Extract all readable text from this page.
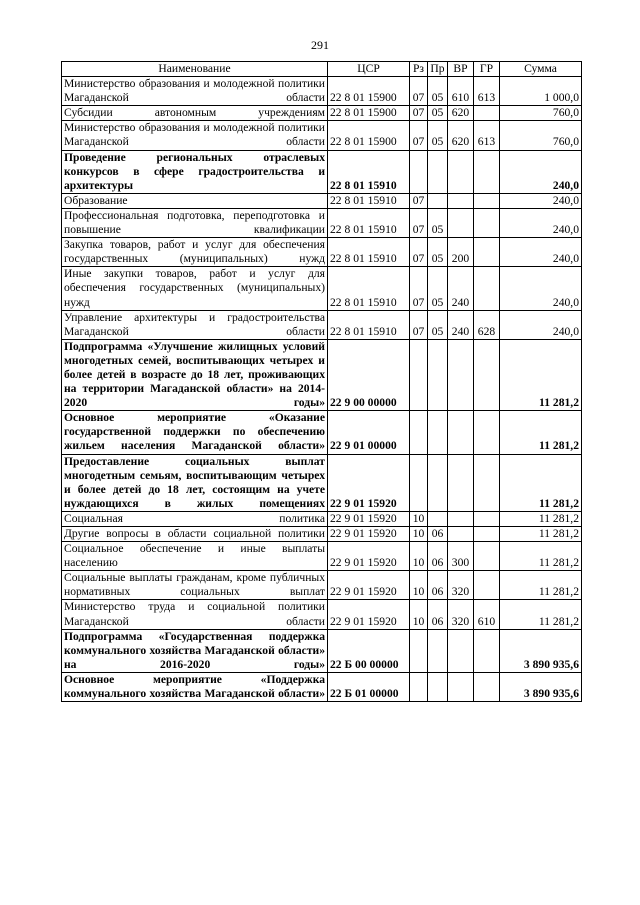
291
Наименование	ЦСР	Рз	Пр	ВР	ГР	Сумма
Министерство образования и молодежной политики Магаданской области	22 8 01 15900	07	05	610	613	1 000,0
Субсидии автономным учреждениям	22 8 01 15900	07	05	620		760,0
Министерство образования и молодежной политики Магаданской области	22 8 01 15900	07	05	620	613	760,0
Проведение региональных отраслевых конкурсов в сфере градостроительства и архитектуры	22 8 01 15910					240,0
Образование	22 8 01 15910	07				240,0
Профессиональная подготовка, переподготовка и повышение квалификации	22 8 01 15910	07	05			240,0
Закупка товаров, работ и услуг для обеспечения государственных (муниципальных) нужд	22 8 01 15910	07	05	200		240,0
Иные закупки товаров, работ и услуг для обеспечения государственных (муниципальных) нужд	22 8 01 15910	07	05	240		240,0
Управление архитектуры и градостроительства Магаданской области	22 8 01 15910	07	05	240	628	240,0
Подпрограмма «Улучшение жилищных условий многодетных семей, воспитывающих четырех и более детей в возрасте до 18 лет, проживающих на территории Магаданской области» на 2014-2020 годы»	22 9 00 00000					11 281,2
Основное мероприятие «Оказание государственной поддержки по обеспечению жильем населения Магаданской области»	22 9 01 00000					11 281,2
Предоставление социальных выплат многодетным семьям, воспитывающим четырех и более детей до 18 лет, состоящим на учете нуждающихся в жилых помещениях	22 9 01 15920					11 281,2
Социальная политика	22 9 01 15920	10				11 281,2
Другие вопросы в области социальной политики	22 9 01 15920	10	06			11 281,2
Социальное обеспечение и иные выплаты населению	22 9 01 15920	10	06	300		11 281,2
Социальные выплаты гражданам, кроме публичных нормативных социальных выплат	22 9 01 15920	10	06	320		11 281,2
Министерство труда и социальной политики Магаданской области	22 9 01 15920	10	06	320	610	11 281,2
Подпрограмма «Государственная поддержка коммунального хозяйства Магаданской области» на 2016-2020 годы»	22 Б 00 00000					3 890 935,6
Основное мероприятие «Поддержка коммунального хозяйства Магаданской области»	22 Б 01 00000					3 890 935,6
